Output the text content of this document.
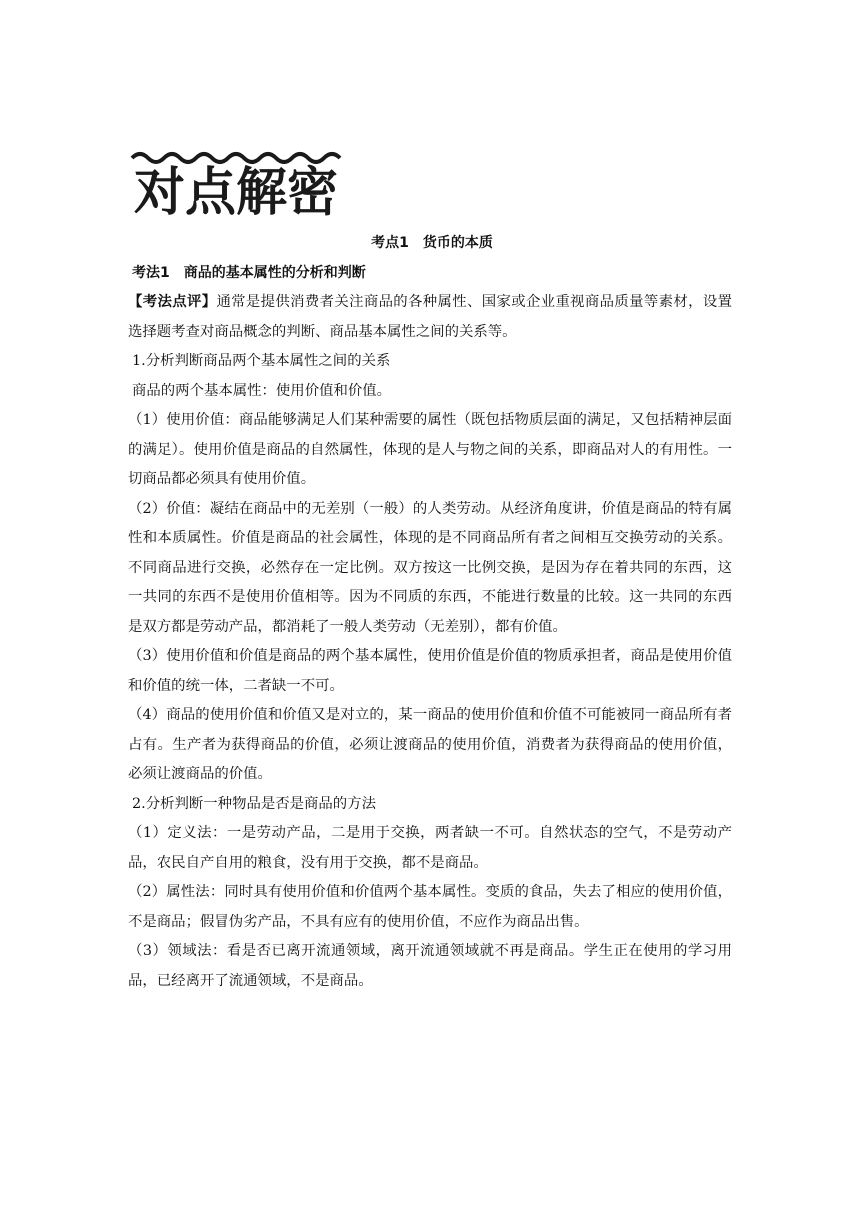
对点解密

考点1 货币的本质

考法1 商品的基本属性的分析和判断

【考法点评】通常是提供消费者关注商品的各种属性、国家或企业重视商品质量等素材，设置选择题考查对商品概念的判断、商品基本属性之间的关系等。

1.分析判断商品两个基本属性之间的关系

商品的两个基本属性：使用价值和价值。

（1）使用价值：商品能够满足人们某种需要的属性（既包括物质层面的满足，又包括精神层面的满足）。使用价值是商品的自然属性，体现的是人与物之间的关系，即商品对人的有用性。一切商品都必须具有使用价值。

（2）价值：凝结在商品中的无差别（一般）的人类劳动。从经济角度讲，价值是商品的特有属性和本质属性。价值是商品的社会属性，体现的是不同商品所有者之间相互交换劳动的关系。不同商品进行交换，必然存在一定比例。双方按这一比例交换，是因为存在着共同的东西，这一共同的东西不是使用价值相等。因为不同质的东西，不能进行数量的比较。这一共同的东西是双方都是劳动产品，都消耗了一般人类劳动（无差别），都有价值。

（3）使用价值和价值是商品的两个基本属性，使用价值是价值的物质承担者，商品是使用价值和价值的统一体，二者缺一不可。

（4）商品的使用价值和价值又是对立的，某一商品的使用价值和价值不可能被同一商品所有者占有。生产者为获得商品的价值，必须让渡商品的使用价值，消费者为获得商品的使用价值，必须让渡商品的价值。

2.分析判断一种物品是否是商品的方法

（1）定义法：一是劳动产品，二是用于交换，两者缺一不可。自然状态的空气，不是劳动产品，农民自产自用的粮食，没有用于交换，都不是商品。

（2）属性法：同时具有使用价值和价值两个基本属性。变质的食品，失去了相应的使用价值，不是商品；假冒伪劣产品，不具有应有的使用价值，不应作为商品出售。

（3）领域法：看是否已离开流通领域，离开流通领域就不再是商品。学生正在使用的学习用品，已经离开了流通领域，不是商品。
